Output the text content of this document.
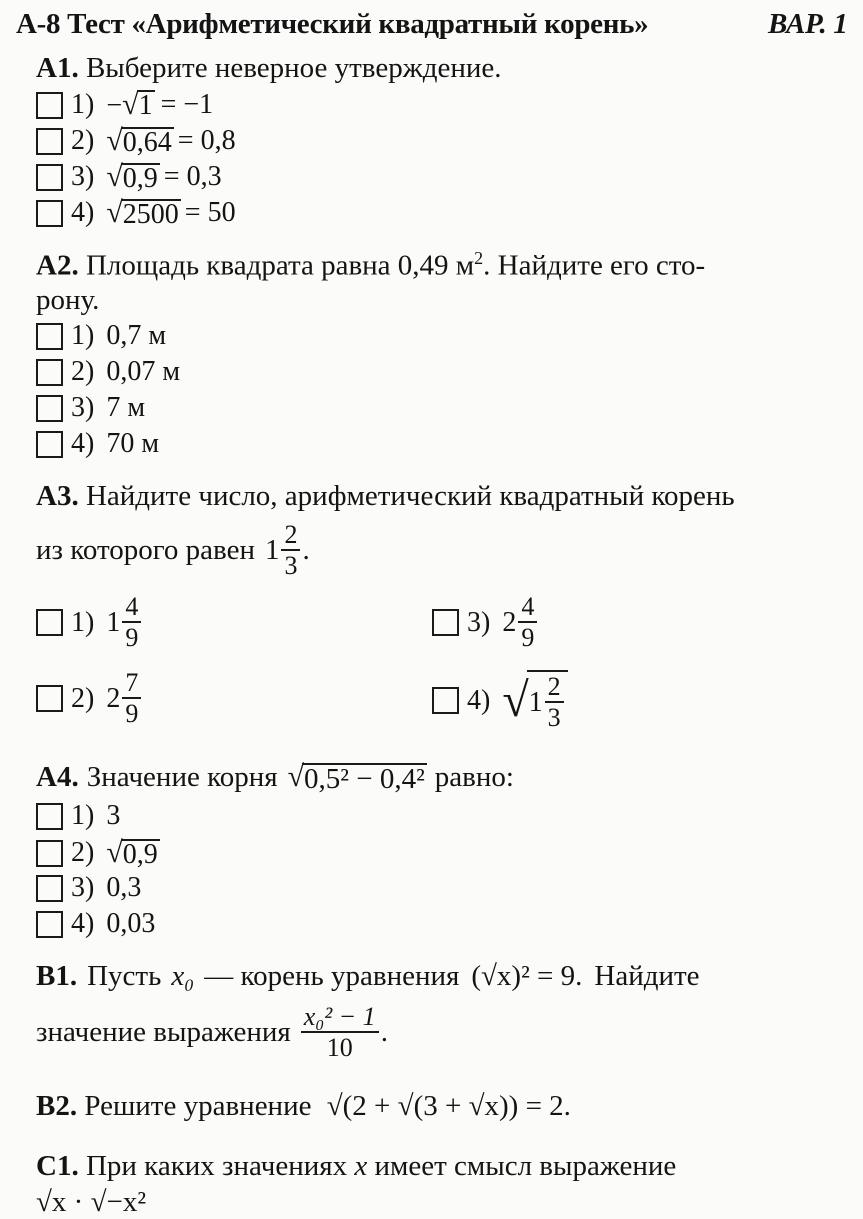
A-8 Тест «Арифметический квадратный корень»	ВАР. 1
А1. Выберите неверное утверждение.
1) −√1 = −1
2) √ 0,64 = 0,8
3) √ 0,9 = 0,3
4) √ 2500 = 50
А2. Площадь квадрата равна 0,49 $м^2$. Найдите его сто-
рону.
1) 0,7 м
2) 0,07 м
3) 7 м
4) 70 м
А3. Найдите число, арифметический квадратный корень
из которого равен $1 \frac{2}{3}$ .
1) $1 \frac{4}{9}$	3) $2 \frac{4}{9}$
2) $2 \frac{7}{9}$	4) √ $1 \frac{2}{3}$
А4. Значение корня √ 0,5² − 0,4² равно:
1) 3
2) √ 0,9
3) 0,3
4) 0,03
В1. Пусть x₀ — корень уравнения (√x)² = 9. Найдите
значение выражения $\frac{\text{x₀² − 1}}{10}$ .
В2. Решите уравнение √(2 + √(3 + √x)) = 2.
С1. При каких значениях x имеет смысл выражение
√x · √−x²
